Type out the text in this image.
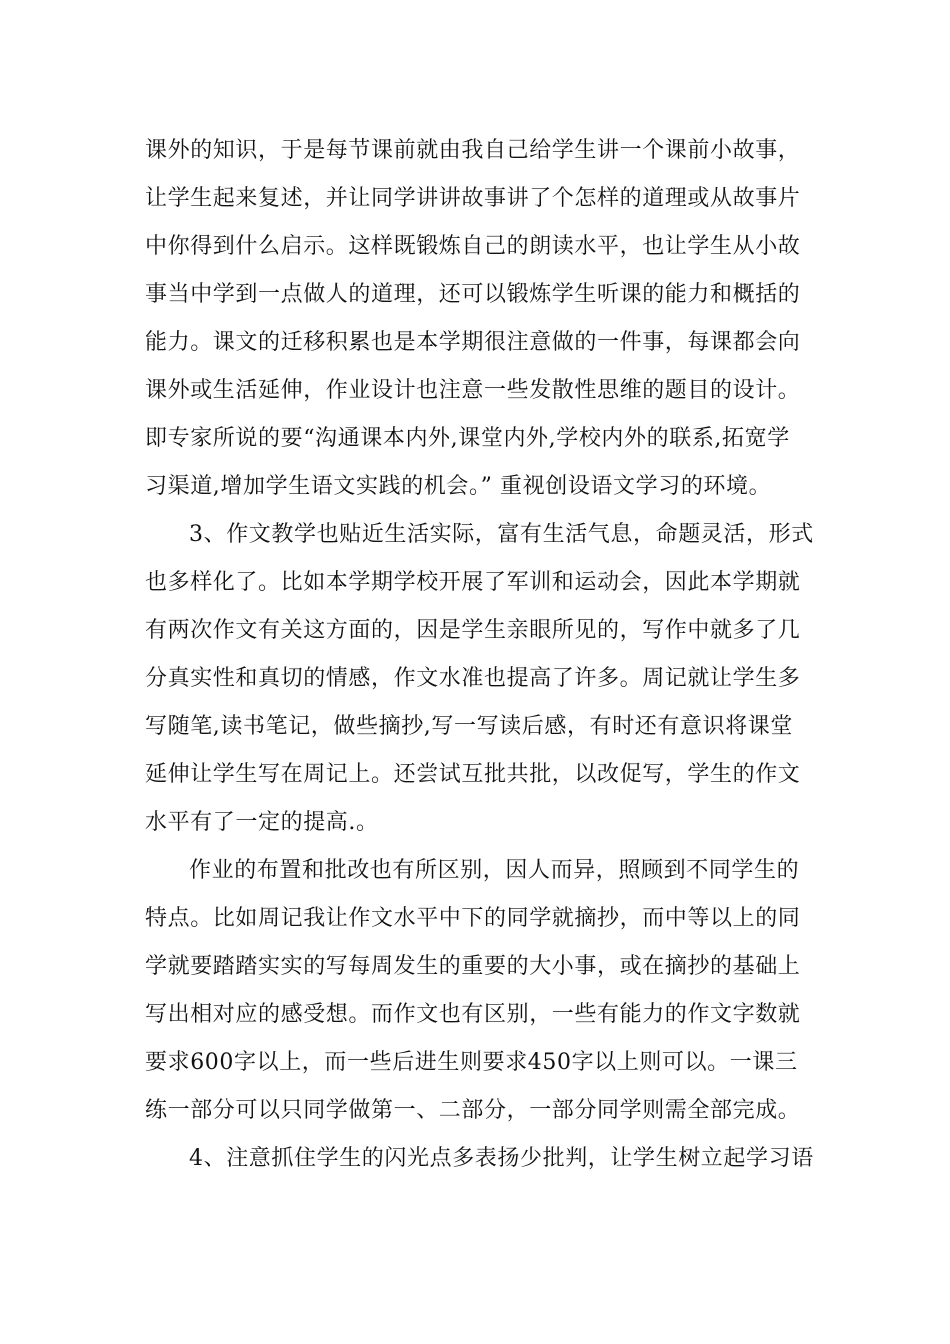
课外的知识，于是每节课前就由我自己给学生讲一个课前小故事，
让学生起来复述，并让同学讲讲故事讲了个怎样的道理或从故事片
中你得到什么启示。这样既锻炼自己的朗读水平，也让学生从小故
事当中学到一点做人的道理，还可以锻炼学生听课的能力和概括的
能力。课文的迁移积累也是本学期很注意做的一件事，每课都会向
课外或生活延伸，作业设计也注意一些发散性思维的题目的设计。
即专家所说的要“沟通课本内外,课堂内外,学校内外的联系,拓宽学
习渠道,增加学生语文实践的机会。” 重视创设语文学习的环境。
3、作文教学也贴近生活实际，富有生活气息，命题灵活，形式
也多样化了。比如本学期学校开展了军训和运动会，因此本学期就
有两次作文有关这方面的，因是学生亲眼所见的，写作中就多了几
分真实性和真切的情感，作文水准也提高了许多。周记就让学生多
写随笔,读书笔记，做些摘抄,写一写读后感，有时还有意识将课堂
延伸让学生写在周记上。还尝试互批共批，以改促写，学生的作文
水平有了一定的提高.。
作业的布置和批改也有所区别，因人而异，照顾到不同学生的
特点。比如周记我让作文水平中下的同学就摘抄，而中等以上的同
学就要踏踏实实的写每周发生的重要的大小事，或在摘抄的基础上
写出相对应的感受想。而作文也有区别，一些有能力的作文字数就
要求600字以上，而一些后进生则要求450字以上则可以。一课三
练一部分可以只同学做第一、二部分，一部分同学则需全部完成。
4、注意抓住学生的闪光点多表扬少批判，让学生树立起学习语
